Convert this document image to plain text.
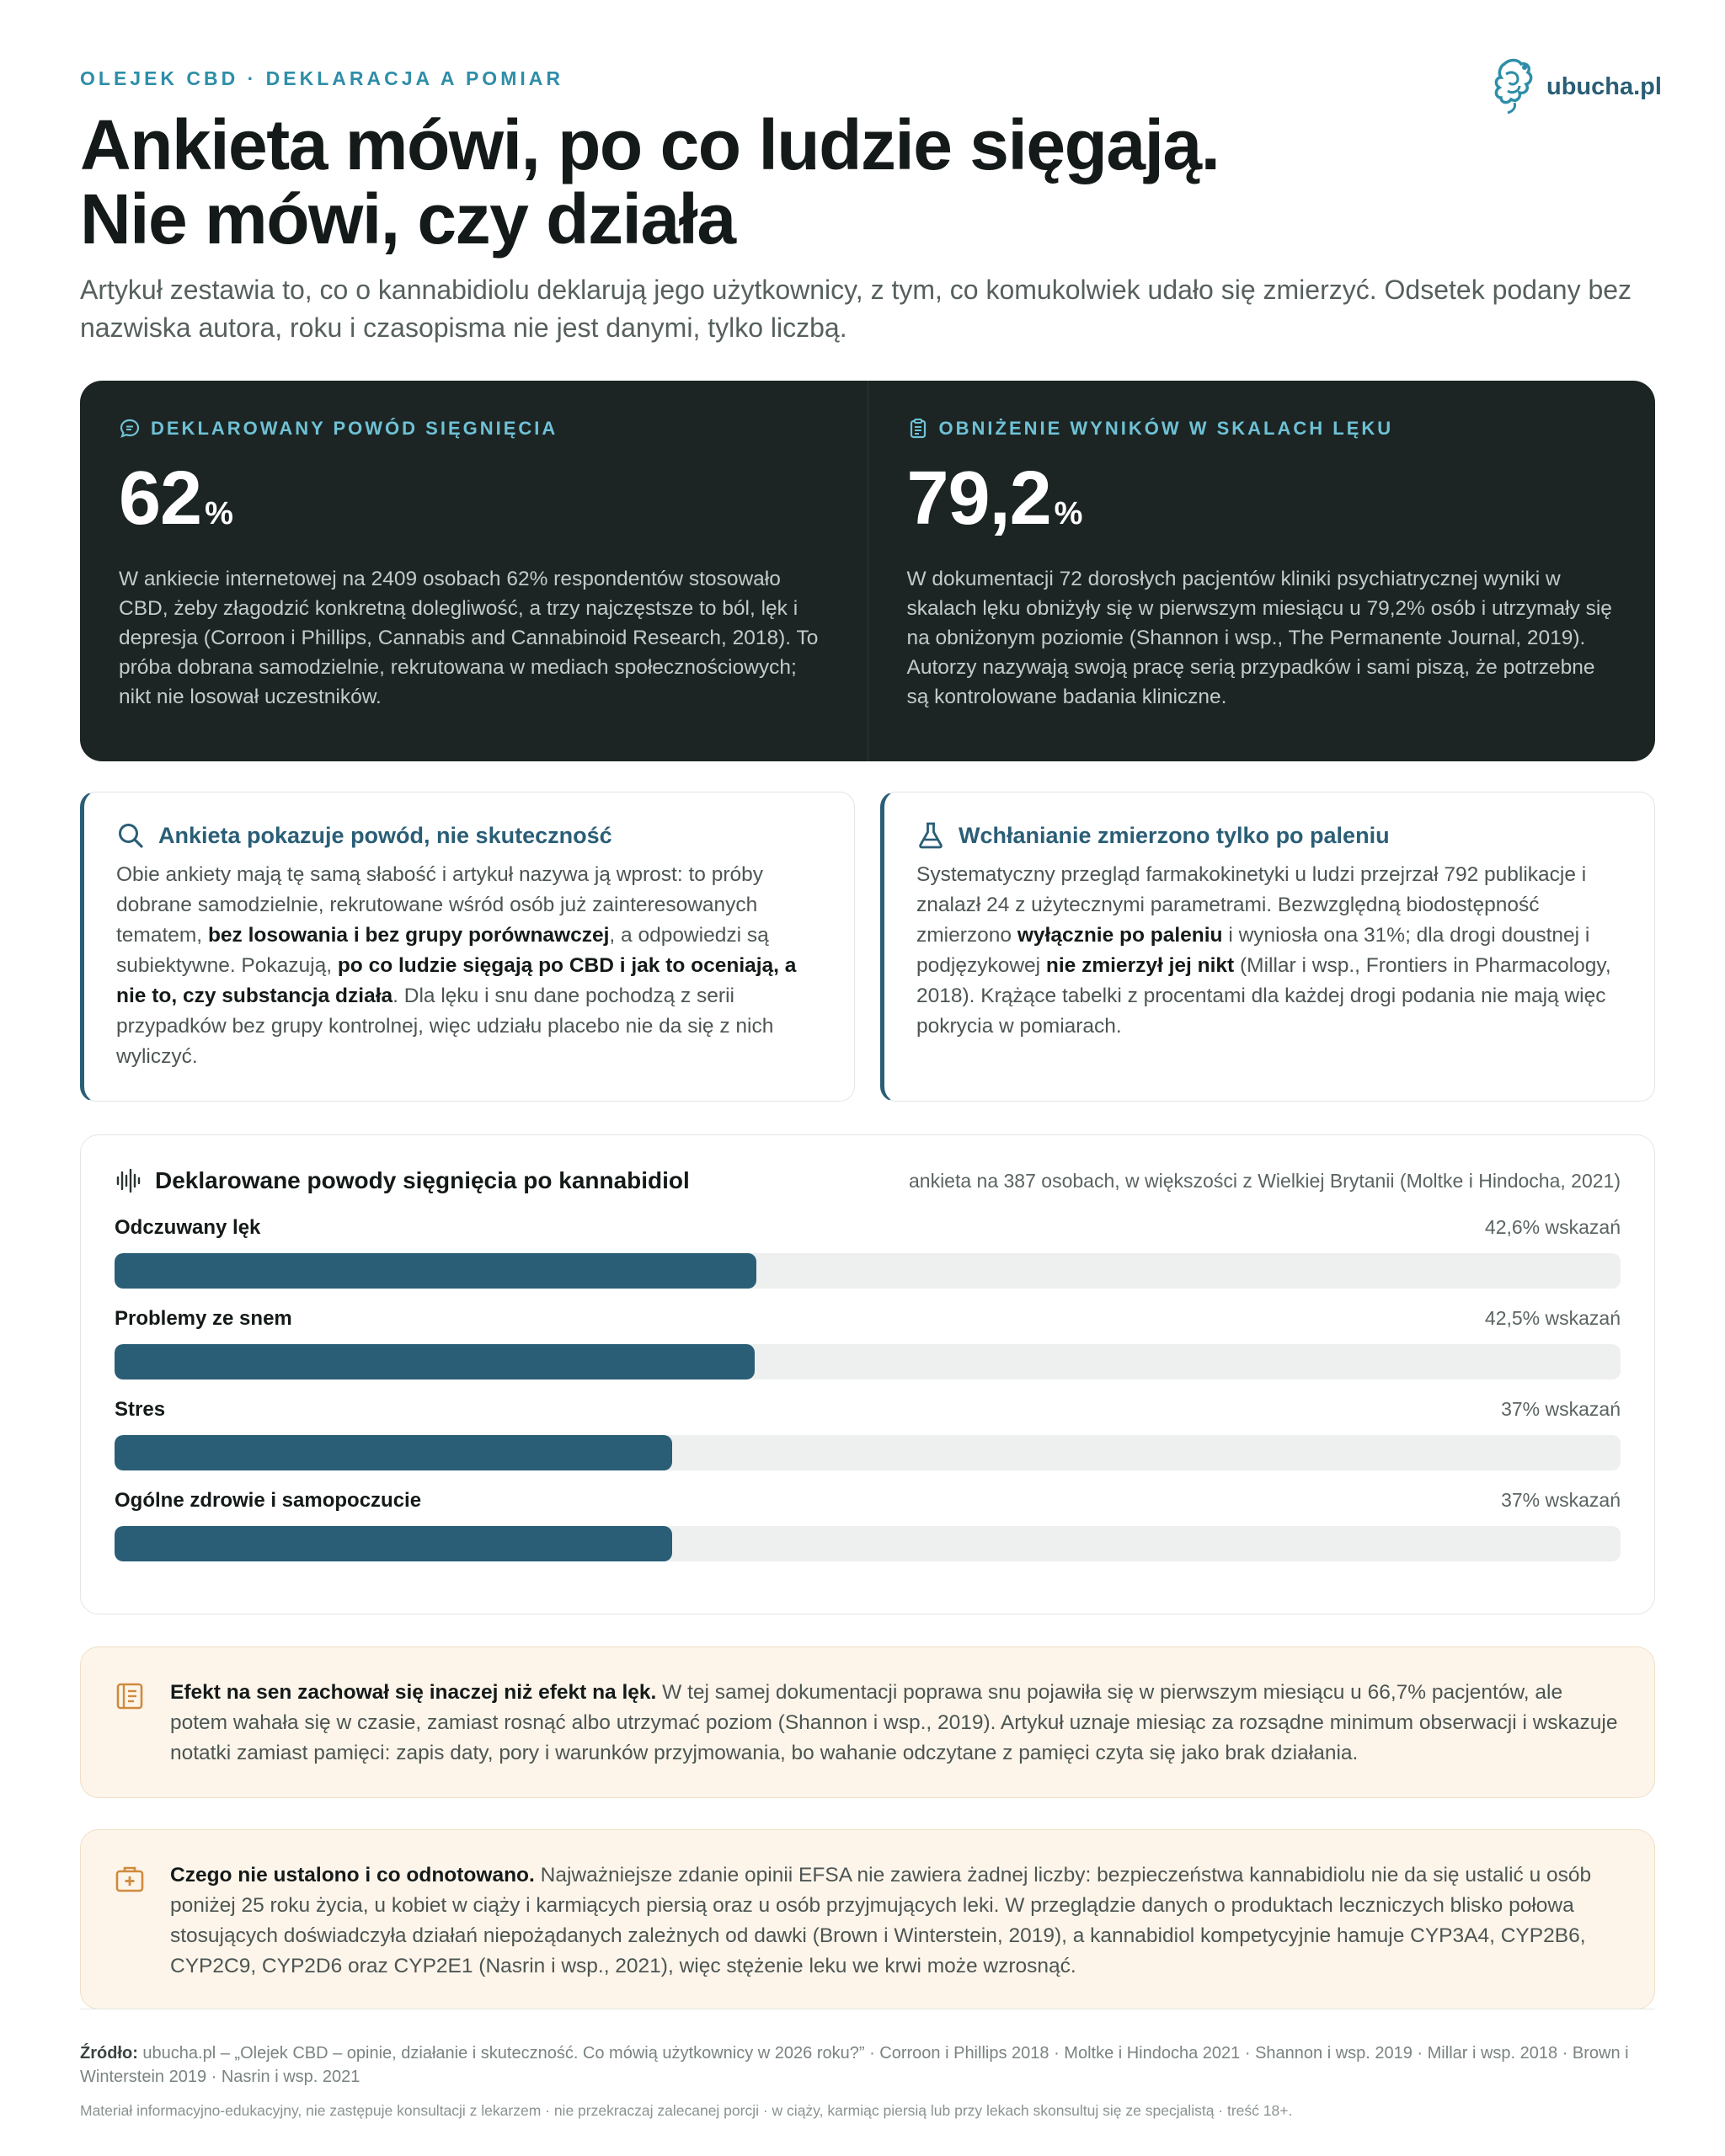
OLEJEK CBD · DEKLARACJA A POMIAR	ubucha.pl
Ankieta mówi, po co ludzie sięgają.
Nie mówi, czy działa

Artykuł zestawia to, co o kannabidiolu deklarują jego użytkownicy, z tym, co komukolwiek udało się zmierzyć. Odsetek podany bez nazwiska autora, roku i czasopisma nie jest danymi, tylko liczbą.

DEKLAROWANY POWÓD SIĘGNIĘCIA
62 %

W ankiecie internetowej na 2409 osobach 62% respondentów stosowało CBD, żeby złagodzić konkretną dolegliwość, a trzy najczęstsze to ból, lęk i depresja (Corroon i Phillips, Cannabis and Cannabinoid Research, 2018). To próba dobrana samodzielnie, rekrutowana w mediach społecznościowych; nikt nie losował uczestników.

OBNIŻENIE WYNIKÓW W SKALACH LĘKU
79,2 %

W dokumentacji 72 dorosłych pacjentów kliniki psychiatrycznej wyniki w skalach lęku obniżyły się w pierwszym miesiącu u 79,2% osób i utrzymały się na obniżonym poziomie (Shannon i wsp., The Permanente Journal, 2019). Autorzy nazywają swoją pracę serią przypadków i sami piszą, że potrzebne są kontrolowane badania kliniczne.

Ankieta pokazuje powód, nie skuteczność

Obie ankiety mają tę samą słabość i artykuł nazywa ją wprost: to próby dobrane samodzielnie, rekrutowane wśród osób już zainteresowanych tematem, bez losowania i bez grupy porównawczej, a odpowiedzi są subiektywne. Pokazują, po co ludzie sięgają po CBD i jak to oceniają, a nie to, czy substancja działa. Dla lęku i snu dane pochodzą z serii przypadków bez grupy kontrolnej, więc udziału placebo nie da się z nich wyliczyć.

Wchłanianie zmierzono tylko po paleniu

Systematyczny przegląd farmakokinetyki u ludzi przejrzał 792 publikacje i znalazł 24 z użytecznymi parametrami. Bezwzględną biodostępność zmierzono wyłącznie po paleniu i wyniosła ona 31%; dla drogi doustnej i podjęzykowej nie zmierzył jej nikt (Millar i wsp., Frontiers in Pharmacology, 2018). Krążące tabelki z procentami dla każdej drogi podania nie mają więc pokrycia w pomiarach.

Deklarowane powody sięgnięcia po kannabidiol	ankieta na 387 osobach, w większości z Wielkiej Brytanii (Moltke i Hindocha, 2021)
Odczuwany lęk	42,6% wskazań
Problemy ze snem	42,5% wskazań
Stres	37% wskazań
Ogólne zdrowie i samopoczucie	37% wskazań

Efekt na sen zachował się inaczej niż efekt na lęk. W tej samej dokumentacji poprawa snu pojawiła się w pierwszym miesiącu u 66,7% pacjentów, ale potem wahała się w czasie, zamiast rosnąć albo utrzymać poziom (Shannon i wsp., 2019). Artykuł uznaje miesiąc za rozsądne minimum obserwacji i wskazuje notatki zamiast pamięci: zapis daty, pory i warunków przyjmowania, bo wahanie odczytane z pamięci czyta się jako brak działania.

Czego nie ustalono i co odnotowano. Najważniejsze zdanie opinii EFSA nie zawiera żadnej liczby: bezpieczeństwa kannabidiolu nie da się ustalić u osób poniżej 25 roku życia, u kobiet w ciąży i karmiących piersią oraz u osób przyjmujących leki. W przeglądzie danych o produktach leczniczych blisko połowa stosujących doświadczyła działań niepożądanych zależnych od dawki (Brown i Winterstein, 2019), a kannabidiol kompetycyjnie hamuje CYP3A4, CYP2B6, CYP2C9, CYP2D6 oraz CYP2E1 (Nasrin i wsp., 2021), więc stężenie leku we krwi może wzrosnąć.

Źródło: ubucha.pl – „Olejek CBD – opinie, działanie i skuteczność. Co mówią użytkownicy w 2026 roku?” · Corroon i Phillips 2018 · Moltke i Hindocha 2021 · Shannon i wsp. 2019 · Millar i wsp. 2018 · Brown i Winterstein 2019 · Nasrin i wsp. 2021

Materiał informacyjno-edukacyjny, nie zastępuje konsultacji z lekarzem · nie przekraczaj zalecanej porcji · w ciąży, karmiąc piersią lub przy lekach skonsultuj się ze specjalistą · treść 18+.
